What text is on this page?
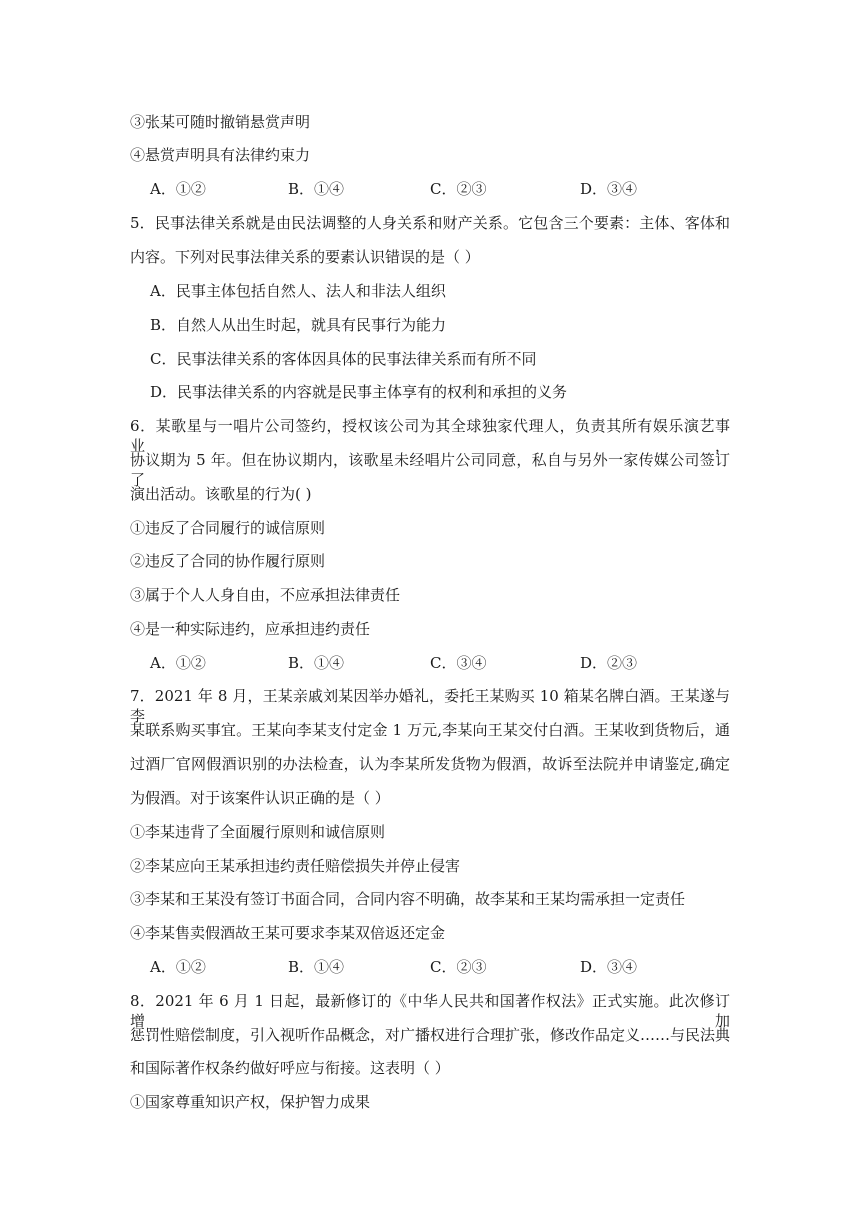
③张某可随时撤销悬赏声明
④悬赏声明具有法律约束力
A．①②	B．①④	C．②③	D．③④
5．民事法律关系就是由民法调整的人身关系和财产关系。它包含三个要素：主体、客体和
内容。下列对民事法律关系的要素认识错误的是（ ）
A．民事主体包括自然人、法人和非法人组织
B．自然人从出生时起，就具有民事行为能力
C．民事法律关系的客体因具体的民事法律关系而有所不同
D．民事法律关系的内容就是民事主体享有的权利和承担的义务
6．某歌星与一唱片公司签约，授权该公司为其全球独家代理人，负责其所有娱乐演艺事业，
协议期为 5 年。但在协议期内，该歌星未经唱片公司同意，私自与另外一家传媒公司签订了
演出活动。该歌星的行为( )
①违反了合同履行的诚信原则
②违反了合同的协作履行原则
③属于个人人身自由，不应承担法律责任
④是一种实际违约，应承担违约责任
A．①②	B．①④	C．③④	D．②③
7．2021 年 8 月，王某亲戚刘某因举办婚礼，委托王某购买 10 箱某名牌白酒。王某遂与李
某联系购买事宜。王某向李某支付定金 1 万元,李某向王某交付白酒。王某收到货物后，通
过酒厂官网假酒识别的办法检查，认为李某所发货物为假酒，故诉至法院并申请鉴定,确定
为假酒。对于该案件认识正确的是（ ）
①李某违背了全面履行原则和诚信原则
②李某应向王某承担违约责任赔偿损失并停止侵害
③李某和王某没有签订书面合同，合同内容不明确，故李某和王某均需承担一定责任
④李某售卖假酒故王某可要求李某双倍返还定金
A．①②	B．①④	C．②③	D．③④
8．2021 年 6 月 1 日起，最新修订的《中华人民共和国著作权法》正式实施。此次修订增加
惩罚性赔偿制度，引入视听作品概念，对广播权进行合理扩张，修改作品定义……与民法典
和国际著作权条约做好呼应与衔接。这表明（ ）
①国家尊重知识产权，保护智力成果
